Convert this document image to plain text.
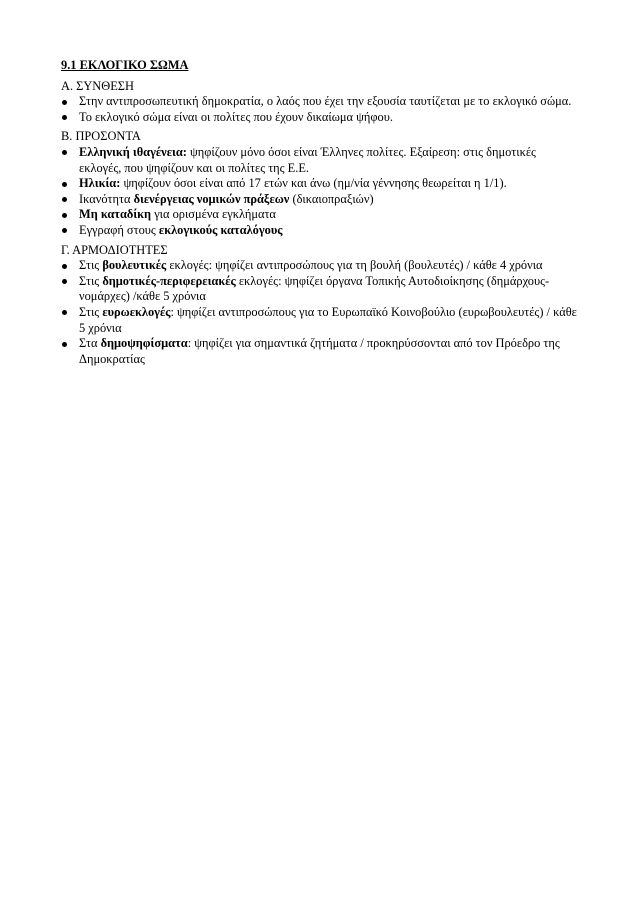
9.1 ΕΚΛΟΓΙΚΟ ΣΩΜΑ
Α. ΣΥΝΘΕΣΗ
Στην αντιπροσωπευτική δημοκρατία, ο λαός που έχει την εξουσία ταυτίζεται με το εκλογικό σώμα.
Το εκλογικό σώμα είναι οι πολίτες που έχουν δικαίωμα ψήφου.
Β. ΠΡΟΣΟΝΤΑ
Ελληνική ιθαγένεια: ψηφίζουν μόνο όσοι είναι Έλληνες πολίτες. Εξαίρεση: στις δημοτικές εκλογές, που ψηφίζουν και οι πολίτες της Ε.Ε.
Ηλικία: ψηφίζουν όσοι είναι από 17 ετών και άνω (ημ/νία γέννησης θεωρείται η 1/1).
Ικανότητα διενέργειας νομικών πράξεων (δικαιοπραξιών)
Μη καταδίκη για ορισμένα εγκλήματα
Εγγραφή στους εκλογικούς καταλόγους
Γ. ΑΡΜΟΔΙΟΤΗΤΕΣ
Στις βουλευτικές εκλογές: ψηφίζει αντιπροσώπους για τη βουλή (βουλευτές) / κάθε 4 χρόνια
Στις δημοτικές-περιφερειακές εκλογές: ψηφίζει όργανα Τοπικής Αυτοδιοίκησης (δημάρχους-νομάρχες) /κάθε 5 χρόνια
Στις ευρωεκλογές: ψηφίζει αντιπροσώπους για το Ευρωπαϊκό Κοινοβούλιο (ευρωβουλευτές) / κάθε 5 χρόνια
Στα δημοψηφίσματα: ψηφίζει για σημαντικά ζητήματα / προκηρύσσονται από τον Πρόεδρο της Δημοκρατίας
